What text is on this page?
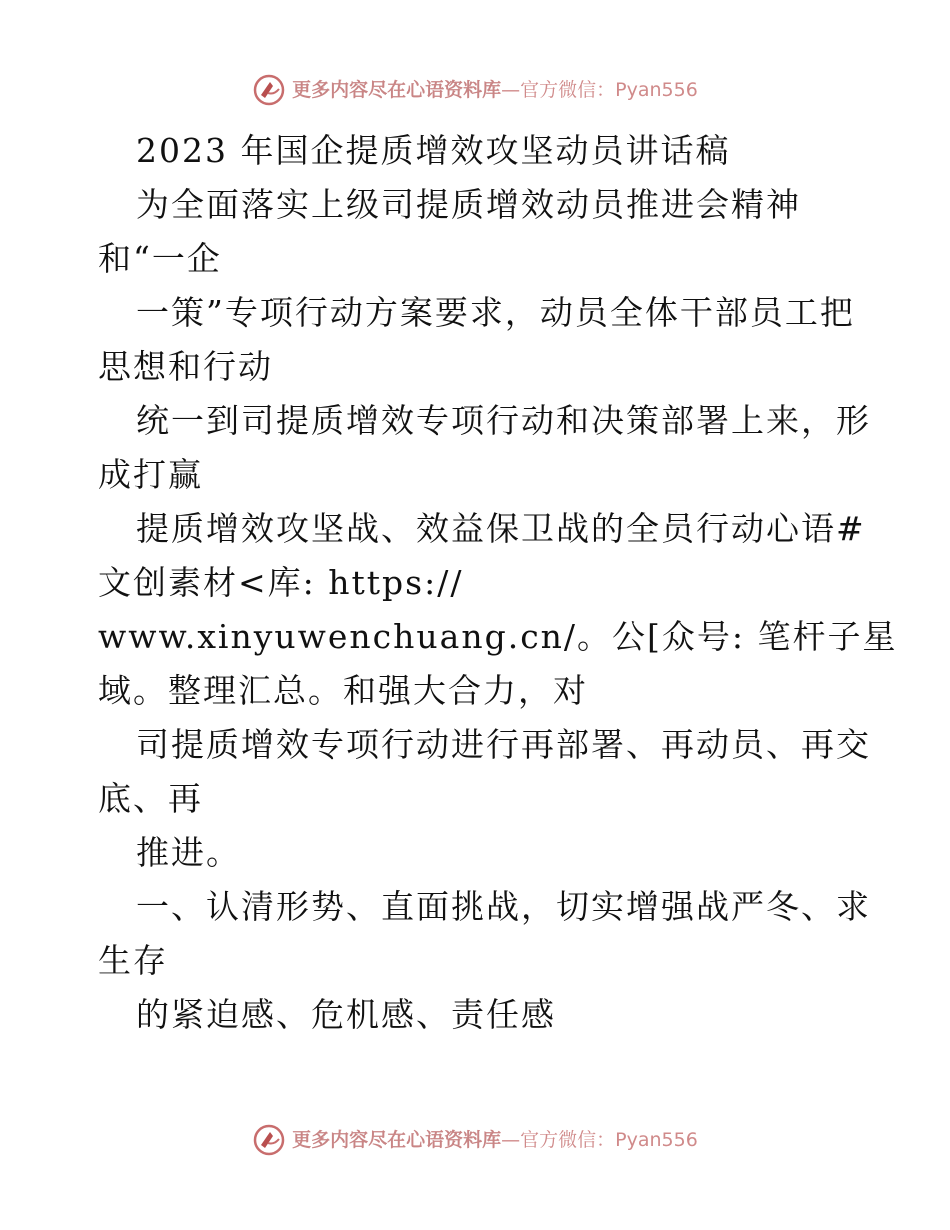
更多内容尽在心语资料库—官方微信：Pyan556
2023 年国企提质增效攻坚动员讲话稿
为全面落实上级司提质增效动员推进会精神
和“一企
一策”专项行动方案要求，动员全体干部员工把
思想和行动
统一到司提质增效专项行动和决策部署上来，形
成打赢
提质增效攻坚战、效益保卫战的全员行动心语#
文创素材<库: https://
www.xinyuwenchuang.cn/。公[众号: 笔杆子星
域。整理汇总。和强大合力，对
司提质增效专项行动进行再部署、再动员、再交
底、再
推进。
一、认清形势、直面挑战，切实增强战严冬、求
生存
的紧迫感、危机感、责任感
更多内容尽在心语资料库—官方微信：Pyan556
